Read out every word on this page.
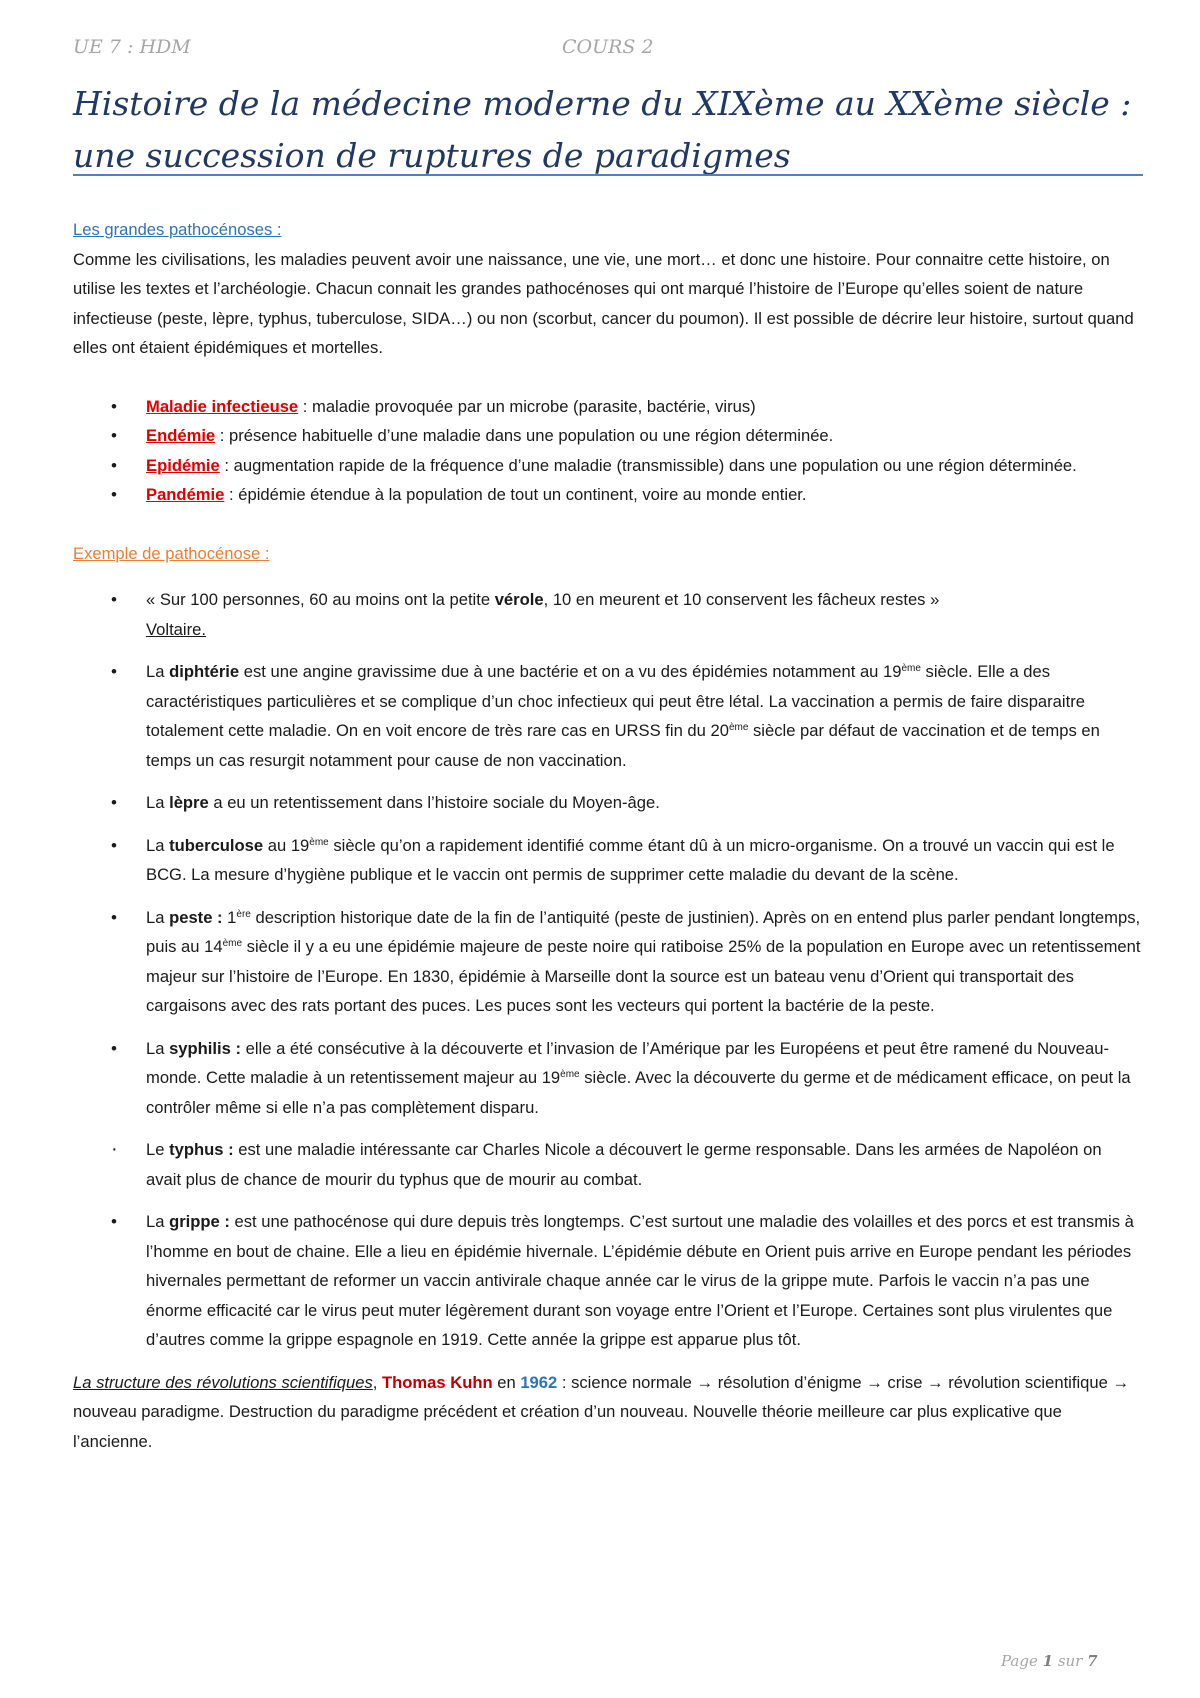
UE 7 : HDM	COURS 2
Histoire de la médecine moderne du XIXème au XXème siècle : une succession de ruptures de paradigmes

Les grandes pathocénoses :

Comme les civilisations, les maladies peuvent avoir une naissance, une vie, une mort… et donc une histoire. Pour connaitre cette histoire, on utilise les textes et l’archéologie. Chacun connait les grandes pathocénoses qui ont marqué l’histoire de l’Europe qu’elles soient de nature infectieuse (peste, lèpre, typhus, tuberculose, SIDA…) ou non (scorbut, cancer du poumon). Il est possible de décrire leur histoire, surtout quand elles ont étaient épidémiques et mortelles.

• Maladie infectieuse : maladie provoquée par un microbe (parasite, bactérie, virus)
• Endémie : présence habituelle d’une maladie dans une population ou une région déterminée.
• Epidémie : augmentation rapide de la fréquence d’une maladie (transmissible) dans une population ou une région déterminée.
• Pandémie : épidémie étendue à la population de tout un continent, voire au monde entier.

Exemple de pathocénose :

• « Sur 100 personnes, 60 au moins ont la petite vérole, 10 en meurent et 10 conservent les fâcheux restes »
Voltaire.
• La diphtérie est une angine gravissime due à une bactérie et on a vu des épidémies notamment au 19ème siècle. Elle a des caractéristiques particulières et se complique d’un choc infectieux qui peut être létal. La vaccination a permis de faire disparaitre totalement cette maladie. On en voit encore de très rare cas en URSS fin du 20ème siècle par défaut de vaccination et de temps en temps un cas resurgit notamment pour cause de non vaccination.
• La lèpre a eu un retentissement dans l’histoire sociale du Moyen-âge.
• La tuberculose au 19ème siècle qu’on a rapidement identifié comme étant dû à un micro-organisme. On a trouvé un vaccin qui est le BCG. La mesure d’hygiène publique et le vaccin ont permis de supprimer cette maladie du devant de la scène.
• La peste : 1ère description historique date de la fin de l’antiquité (peste de justinien). Après on en entend plus parler pendant longtemps, puis au 14ème siècle il y a eu une épidémie majeure de peste noire qui ratiboise 25% de la population en Europe avec un retentissement majeur sur l’histoire de l’Europe. En 1830, épidémie à Marseille dont la source est un bateau venu d’Orient qui transportait des cargaisons avec des rats portant des puces. Les puces sont les vecteurs qui portent la bactérie de la peste.
• La syphilis : elle a été consécutive à la découverte et l’invasion de l’Amérique par les Européens et peut être ramené du Nouveau-monde. Cette maladie à un retentissement majeur au 19ème siècle. Avec la découverte du germe et de médicament efficace, on peut la contrôler même si elle n’a pas complètement disparu.
· Le typhus : est une maladie intéressante car Charles Nicole a découvert le germe responsable. Dans les armées de Napoléon on avait plus de chance de mourir du typhus que de mourir au combat.
• La grippe : est une pathocénose qui dure depuis très longtemps. C’est surtout une maladie des volailles et des porcs et est transmis à l’homme en bout de chaine. Elle a lieu en épidémie hivernale. L’épidémie débute en Orient puis arrive en Europe pendant les périodes hivernales permettant de reformer un vaccin antivirale chaque année car le virus de la grippe mute. Parfois le vaccin n’a pas une énorme efficacité car le virus peut muter légèrement durant son voyage entre l’Orient et l’Europe. Certaines sont plus virulentes que d’autres comme la grippe espagnole en 1919. Cette année la grippe est apparue plus tôt.

La structure des révolutions scientifiques, Thomas Kuhn en 1962 : science normale → résolution d’énigme → crise → révolution scientifique → nouveau paradigme. Destruction du paradigme précédent et création d’un nouveau. Nouvelle théorie meilleure car plus explicative que l’ancienne.

Page 1 sur 7
